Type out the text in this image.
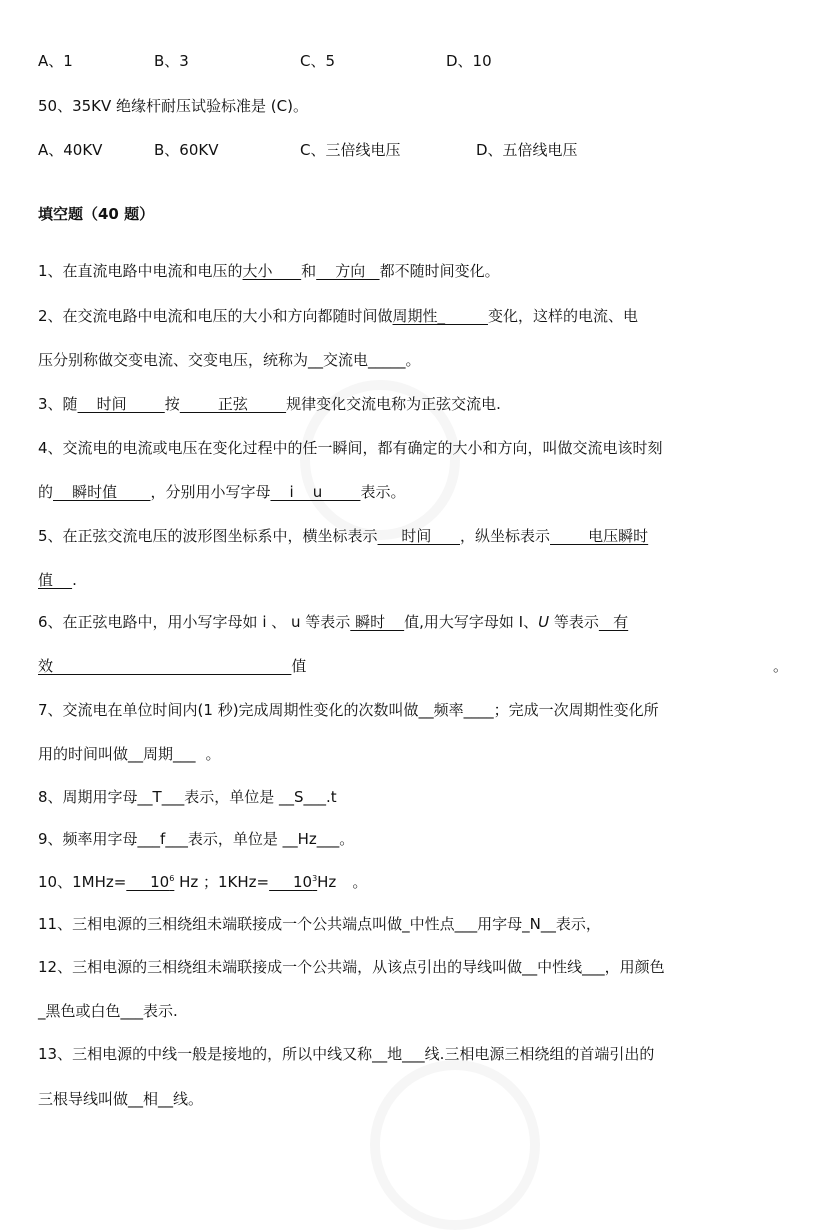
A、1	B、3	C、5	D、10
50、35KV 绝缘杆耐压试验标准是 (C)。
A、40KV	B、60KV	C、三倍线电压	D、五倍线电压
填空题（40 题）
1、在直流电路中电流和电压的大小      和    方向   都不随时间变化。
2、在交流电路中电流和电压的大小和方向都随时间做周期性_         变化，这样的电流、电
压分别称做交变电流、交变电压，统称为__交流电_____。
3、随    时间        按        正弦        规律变化交流电称为正弦交流电.
4、交流电的电流或电压在变化过程中的任一瞬间，都有确定的大小和方向，叫做交流电该时刻
的    瞬时值       ，分别用小写字母    i    u        表示。
5、在正弦交流电压的波形图坐标系中，横坐标表示     时间      ，纵坐标表示        电压瞬时
值    .
6、在正弦电路中，用小写字母如 i 、 u 等表示 瞬时    值,用大写字母如 I、U 等表示   有
效                                                  值	。
7、交流电在单位时间内(1 秒)完成周期性变化的次数叫做__频率____；完成一次周期性变化所
用的时间叫做__周期___ 。
8、周期用字母__T___表示，单位是 __S___.t
9、频率用字母___f___表示，单位是 __Hz___。
10、1MHz=     $10^6$ Hz ；1KHz=     $10^3Hz$ 。
11、三相电源的三相绕组未端联接成一个公共端点叫做_中性点___用字母_N__表示，
12、三相电源的三相绕组未端联接成一个公共端，从该点引出的导线叫做__中性线___，用颜色
_黑色或白色___表示.
13、三相电源的中线一般是接地的，所以中线又称__地___线.三相电源三相绕组的首端引出的
三根导线叫做__相__线。
